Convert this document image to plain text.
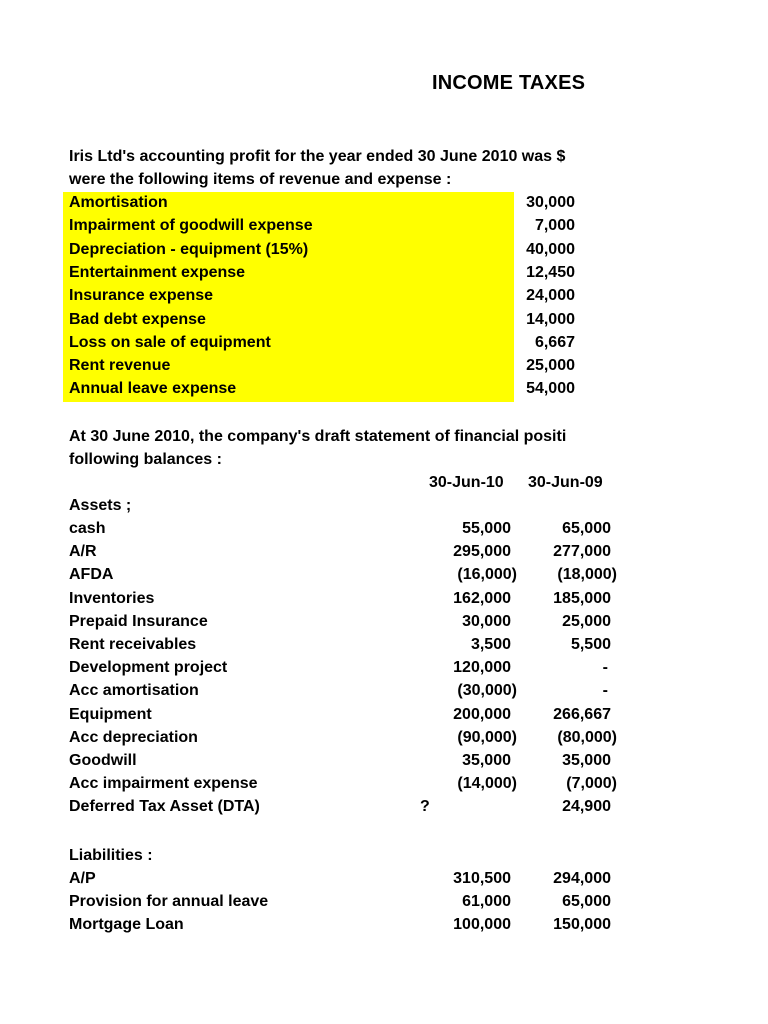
INCOME TAXES
Iris Ltd's accounting profit for the year ended 30 June 2010 was $
were the following items of revenue and expense :
Amortisation	30,000
Impairment of goodwill expense	7,000
Depreciation - equipment (15%)	40,000
Entertainment expense	12,450
Insurance expense	24,000
Bad debt expense	14,000
Loss on sale of equipment	6,667
Rent revenue	25,000
Annual leave expense	54,000
At 30 June 2010, the company's draft statement of financial positi
following balances :
30-Jun-10 30-Jun-09
Assets ;
cash	55,000	65,000
A/R	295,000	277,000
AFDA	(16,000)	(18,000)
Inventories	162,000	185,000
Prepaid Insurance	30,000	25,000
Rent receivables	3,500	5,500
Development project	120,000	-
Acc amortisation	(30,000)	-
Equipment	200,000	266,667
Acc depreciation	(90,000)	(80,000)
Goodwill	35,000	35,000
Acc impairment expense	(14,000)	(7,000)
Deferred Tax Asset (DTA)	?	24,900
Liabilities :
A/P	310,500	294,000
Provision for annual leave	61,000	65,000
Mortgage Loan	100,000	150,000
